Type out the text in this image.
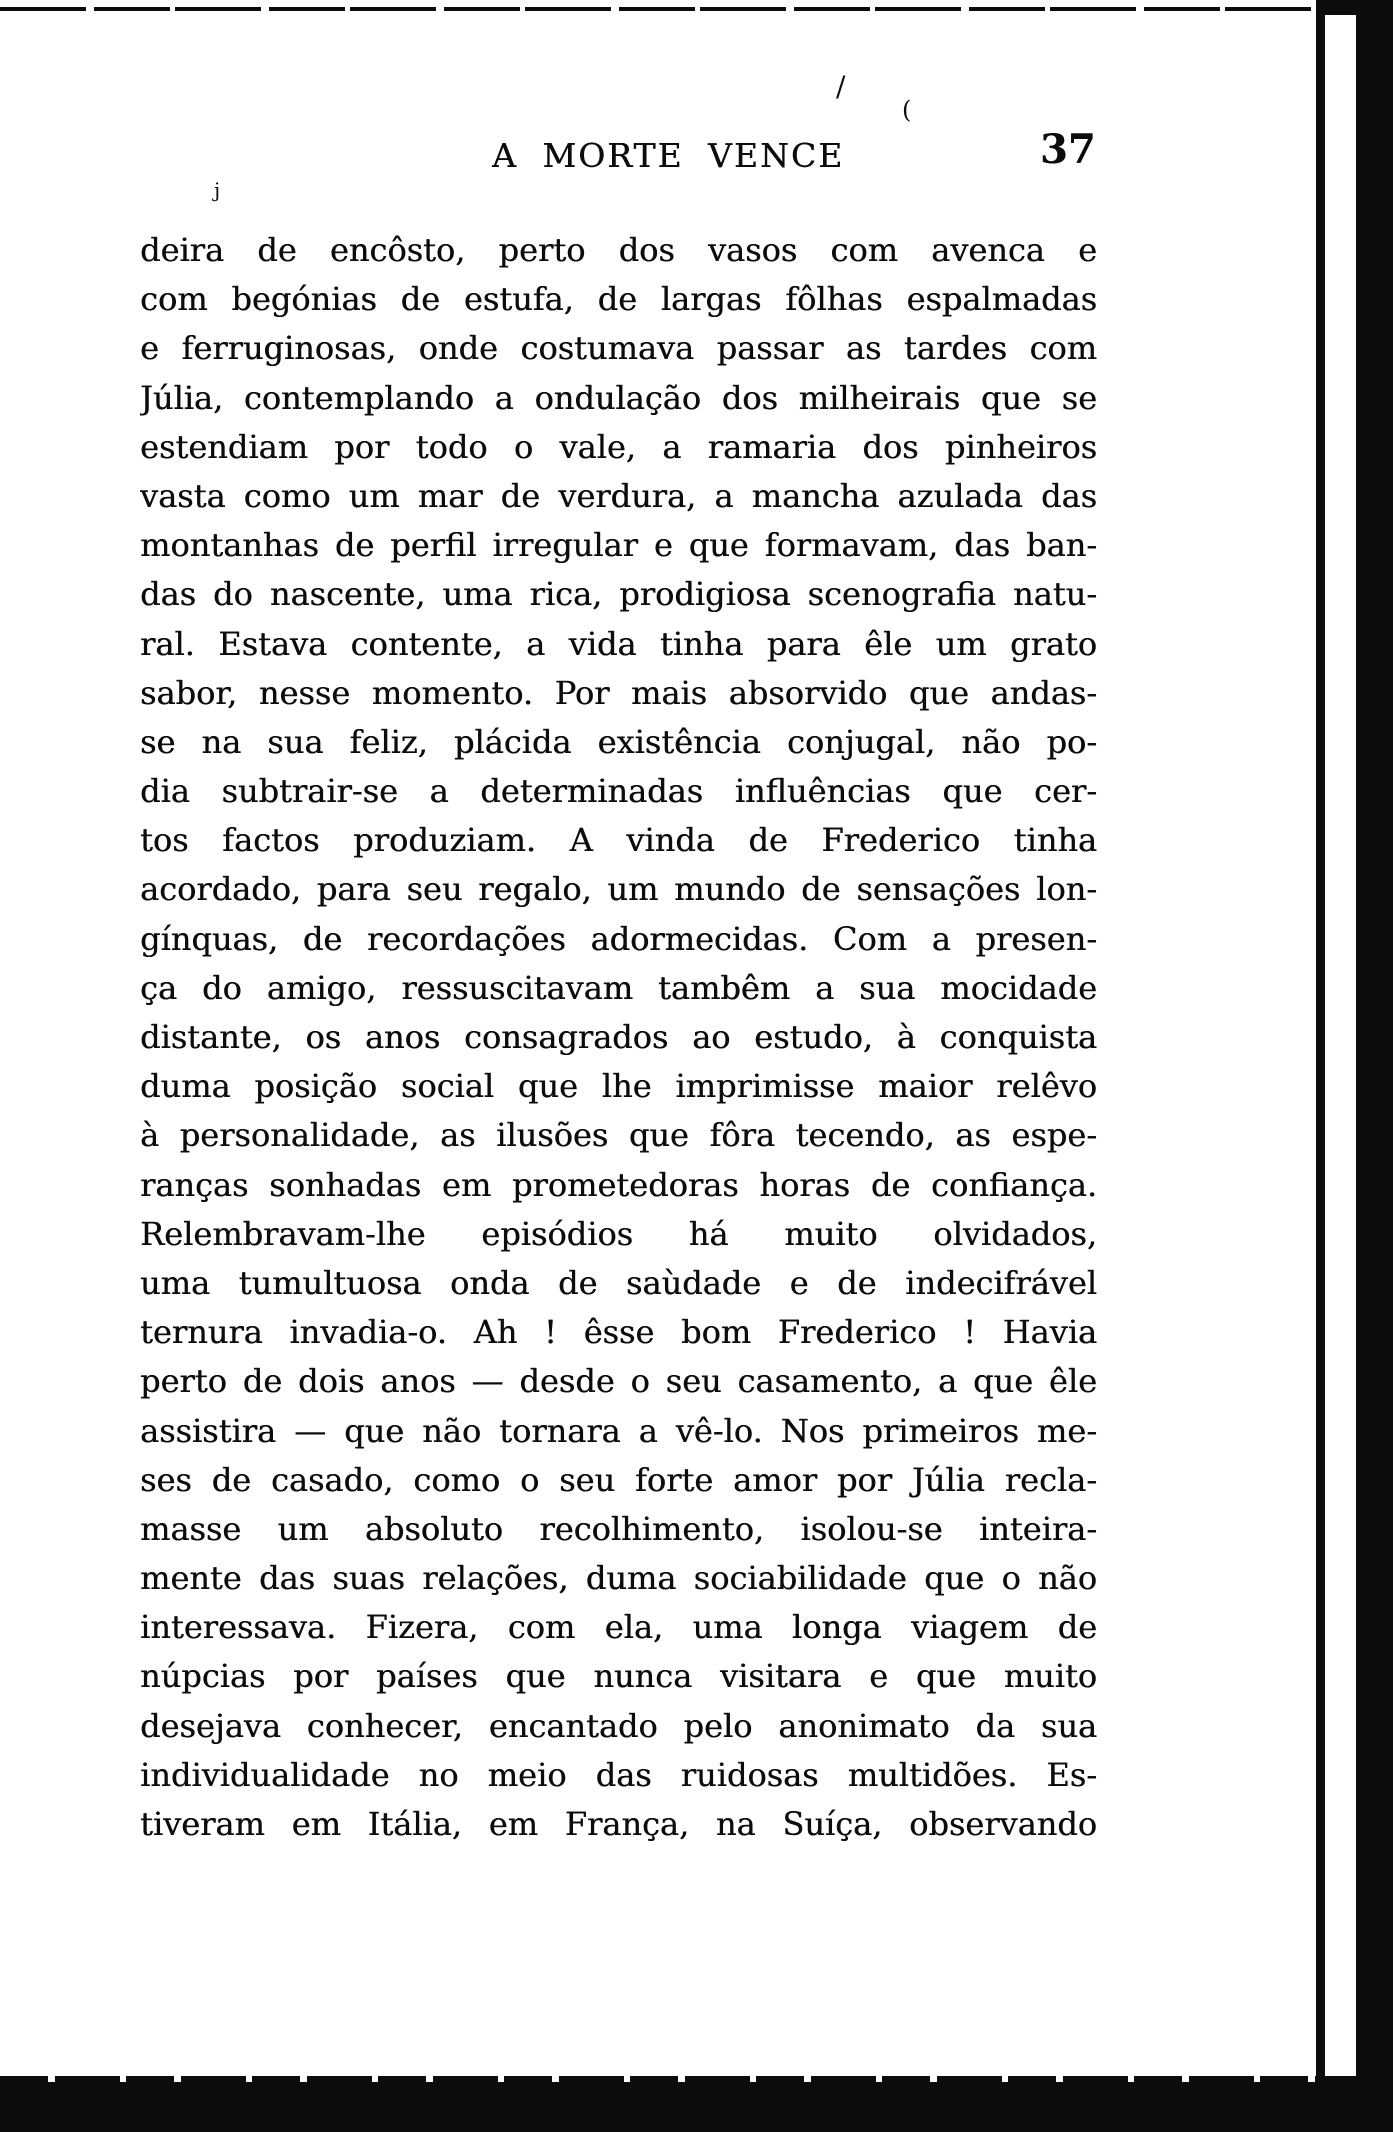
A MORTE VENCE	37
deira de encôsto, perto dos vasos com avenca e
com begónias de estufa, de largas fôlhas espalmadas
e ferruginosas, onde costumava passar as tardes com
Júlia, contemplando a ondulação dos milheirais que se
estendiam por todo o vale, a ramaria dos pinheiros
vasta como um mar de verdura, a mancha azulada das
montanhas de perfil irregular e que formavam, das ban-
das do nascente, uma rica, prodigiosa scenografia natu-
ral. Estava contente, a vida tinha para êle um grato
sabor, nesse momento. Por mais absorvido que andas-
se na sua feliz, plácida existência conjugal, não po-
dia subtrair-se a determinadas influências que cer-
tos factos produziam. A vinda de Frederico tinha
acordado, para seu regalo, um mundo de sensações lon-
gínquas, de recordações adormecidas. Com a presen-
ça do amigo, ressuscitavam tambêm a sua mocidade
distante, os anos consagrados ao estudo, à conquista
duma posição social que lhe imprimisse maior relêvo
à personalidade, as ilusões que fôra tecendo, as espe-
ranças sonhadas em prometedoras horas de confiança.
Relembravam-lhe episódios há muito olvidados,
uma tumultuosa onda de saùdade e de indecifrável
ternura invadia-o. Ah ! êsse bom Frederico ! Havia
perto de dois anos — desde o seu casamento, a que êle
assistira — que não tornara a vê-lo. Nos primeiros me-
ses de casado, como o seu forte amor por Júlia recla-
masse um absoluto recolhimento, isolou-se inteira-
mente das suas relações, duma sociabilidade que o não
interessava. Fizera, com ela, uma longa viagem de
núpcias por países que nunca visitara e que muito
desejava conhecer, encantado pelo anonimato da sua
individualidade no meio das ruidosas multidões. Es-
tiveram em Itália, em França, na Suíça, observando
/
(
j
